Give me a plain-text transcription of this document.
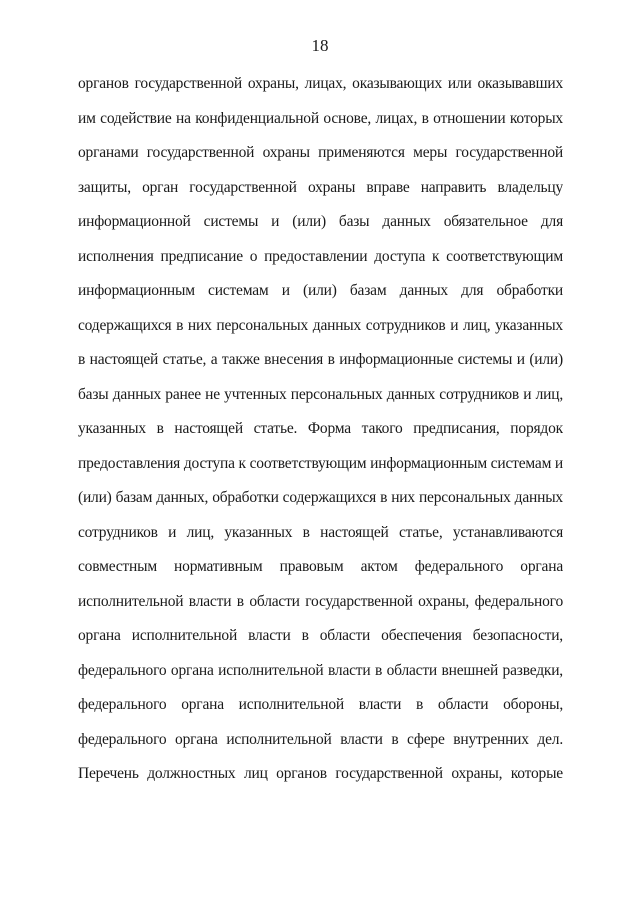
18
органов государственной охраны, лицах, оказывающих или оказывавших
им содействие на конфиденциальной основе, лицах, в отношении которых
органами государственной охраны применяются меры государственной
защиты, орган государственной охраны вправе направить владельцу
информационной системы и (или) базы данных обязательное для
исполнения предписание о предоставлении доступа к соответствующим
информационным системам и (или) базам данных для обработки
содержащихся в них персональных данных сотрудников и лиц, указанных
в настоящей статье, а также внесения в информационные системы и (или)
базы данных ранее не учтенных персональных данных сотрудников и лиц,
указанных в настоящей статье. Форма такого предписания, порядок
предоставления доступа к соответствующим информационным системам и
(или) базам данных, обработки содержащихся в них персональных данных
сотрудников и лиц, указанных в настоящей статье, устанавливаются
совместным нормативным правовым актом федерального органа
исполнительной власти в области государственной охраны, федерального
органа исполнительной власти в области обеспечения безопасности,
федерального органа исполнительной власти в области внешней разведки,
федерального органа исполнительной власти в области обороны,
федерального органа исполнительной власти в сфере внутренних дел.
Перечень должностных лиц органов государственной охраны, которые
